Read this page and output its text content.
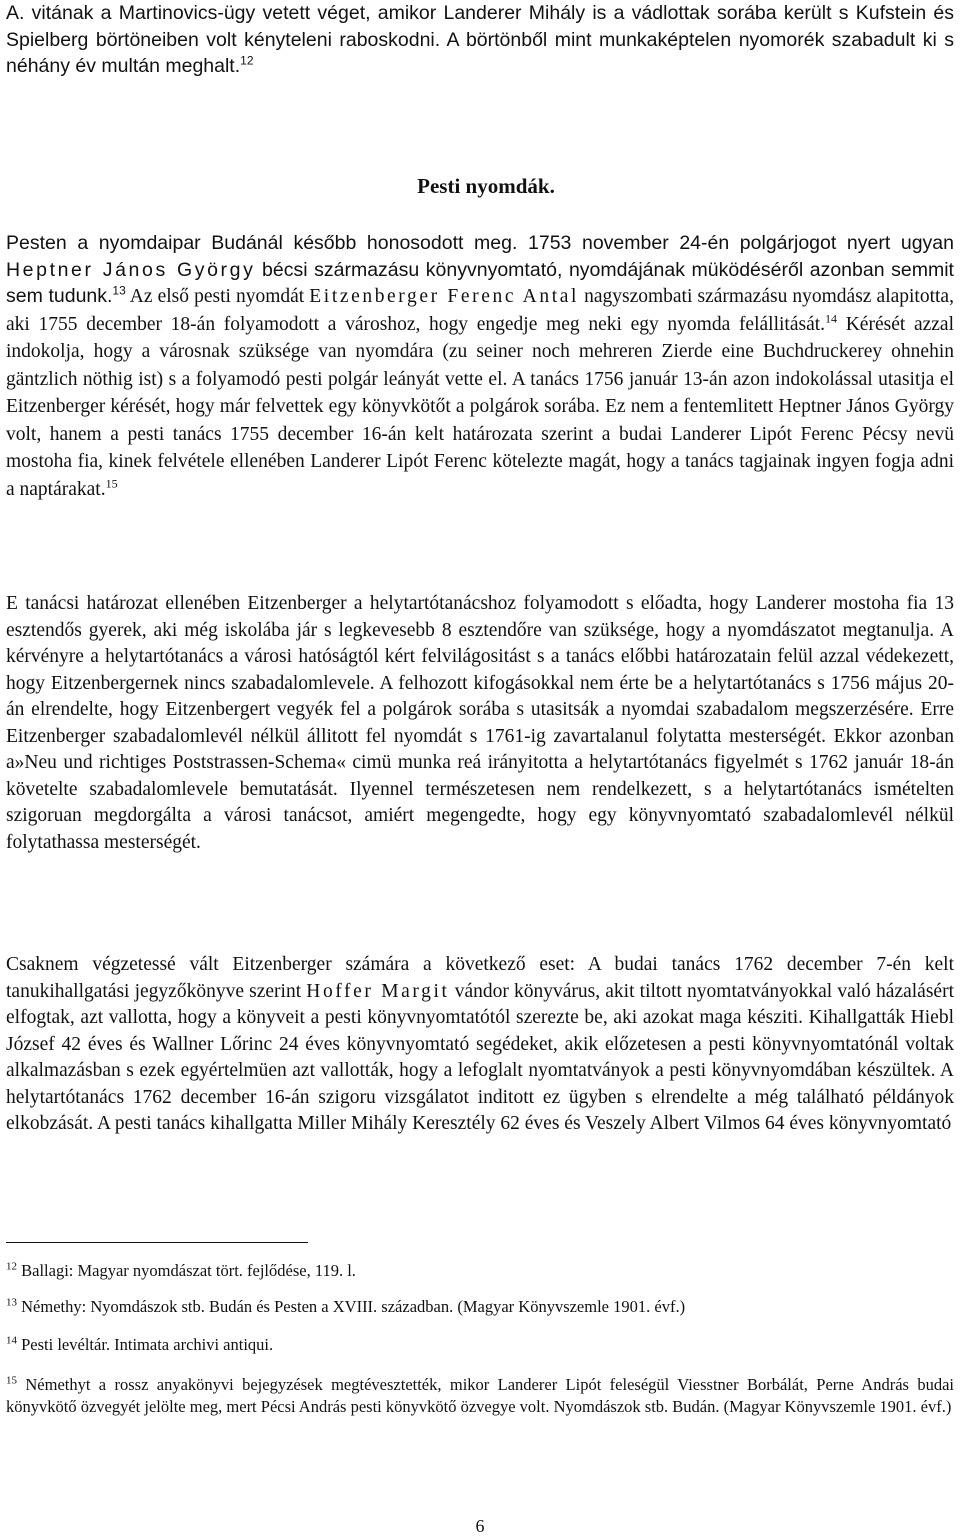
A. vitának a Martinovics-ügy vetett véget, amikor Landerer Mihály is a vádlottak sorába került s Kufstein és Spielberg börtöneiben volt kényteleni raboskodni. A börtönből mint munkaképtelen nyomorék szabadult ki s néhány év multán meghalt.$^{12}$

Pesti nyomdák.

Pesten a nyomdaipar Budánál később honosodott meg. 1753 november 24-én polgárjogot nyert ugyan Heptner János György bécsi származásu könyvnyomtató, nyomdájának müködéséről azonban semmit sem tudunk.$^{13}$ Az első pesti nyomdát Eitzenberger Ferenc Antal nagyszombati származásu nyomdász alapitotta, aki 1755 december 18-án folyamodott a városhoz, hogy engedje meg neki egy nyomda felállitását.$^{14}$ Kérését azzal indokolja, hogy a városnak szüksége van nyomdára (zu seiner noch mehreren Zierde eine Buchdruckerey ohnehin gäntzlich nöthig ist) s a folyamodó pesti polgár leányát vette el. A tanács 1756 január 13-án azon indokolással utasitja el Eitzenberger kérését, hogy már felvettek egy könyvkötőt a polgárok sorába. Ez nem a fentemlitett Heptner János György volt, hanem a pesti tanács 1755 december 16-án kelt határozata szerint a budai Landerer Lipót Ferenc Pécsy nevü mostoha fia, kinek felvétele ellenében Landerer Lipót Ferenc kötelezte magát, hogy a tanács tagjainak ingyen fogja adni a naptárakat.$^{15}$

E tanácsi határozat ellenében Eitzenberger a helytartótanácshoz folyamodott s előadta, hogy Landerer mostoha fia 13 esztendős gyerek, aki még iskolába jár s legkevesebb 8 esztendőre van szüksége, hogy a nyomdászatot megtanulja. A kérvényre a helytartótanács a városi hatóságtól kért felvilágositást s a tanács előbbi határozatain felül azzal védekezett, hogy Eitzenbergernek nincs szabadalomlevele. A felhozott kifogásokkal nem érte be a helytartótanács s 1756 május 20-án elrendelte, hogy Eitzenbergert vegyék fel a polgárok sorába s utasitsák a nyomdai szabadalom megszerzésére. Erre Eitzenberger szabadalomlevél nélkül állitott fel nyomdát s 1761-ig zavartalanul folytatta mesterségét. Ekkor azonban a»Neu und richtiges Poststrassen-Schema« cimü munka reá irányitotta a helytartótanács figyelmét s 1762 január 18-án követelte szabadalomlevele bemutatását. Ilyennel természetesen nem rendelkezett, s a helytartótanács ismételten szigoruan megdorgálta a városi tanácsot, amiért megengedte, hogy egy könyvnyomtató szabadalomlevél nélkül folytathassa mesterségét.

Csaknem végzetessé vált Eitzenberger számára a következő eset: A budai tanács 1762 december 7-én kelt tanukihallgatási jegyzőkönyve szerint Hoffer Margit vándor könyvárus, akit tiltott nyomtatványokkal való házalásért elfogtak, azt vallotta, hogy a könyveit a pesti könyvnyomtatótól szerezte be, aki azokat maga késziti. Kihallgatták Hiebl József 42 éves és Wallner Lőrinc 24 éves könyvnyomtató segédeket, akik előzetesen a pesti könyvnyomtatónál voltak alkalmazásban s ezek egyértelmüen azt vallották, hogy a lefoglalt nyomtatványok a pesti könyvnyomdában készültek. A helytartótanács 1762 december 16-án szigoru vizsgálatot inditott ez ügyben s elrendelte a még található példányok elkobzását. A pesti tanács kihallgatta Miller Mihály Keresztély 62 éves és Veszely Albert Vilmos 64 éves könyvnyomtató

$^{12}$ Ballagi: Magyar nyomdászat tört. fejlődése, 119. l.

$^{13}$ Némethy: Nyomdászok stb. Budán és Pesten a XVIII. században. (Magyar Könyvszemle 1901. évf.)

$^{14}$ Pesti levéltár. Intimata archivi antiqui.

$^{15}$ Némethyt a rossz anyakönyvi bejegyzések megtévesztették, mikor Landerer Lipót feleségül Viesstner Borbálát, Perne András budai könyvkötő özvegyét jelölte meg, mert Pécsi András pesti könyvkötő özvegye volt. Nyomdászok stb. Budán. (Magyar Könyvszemle 1901. évf.)

6
